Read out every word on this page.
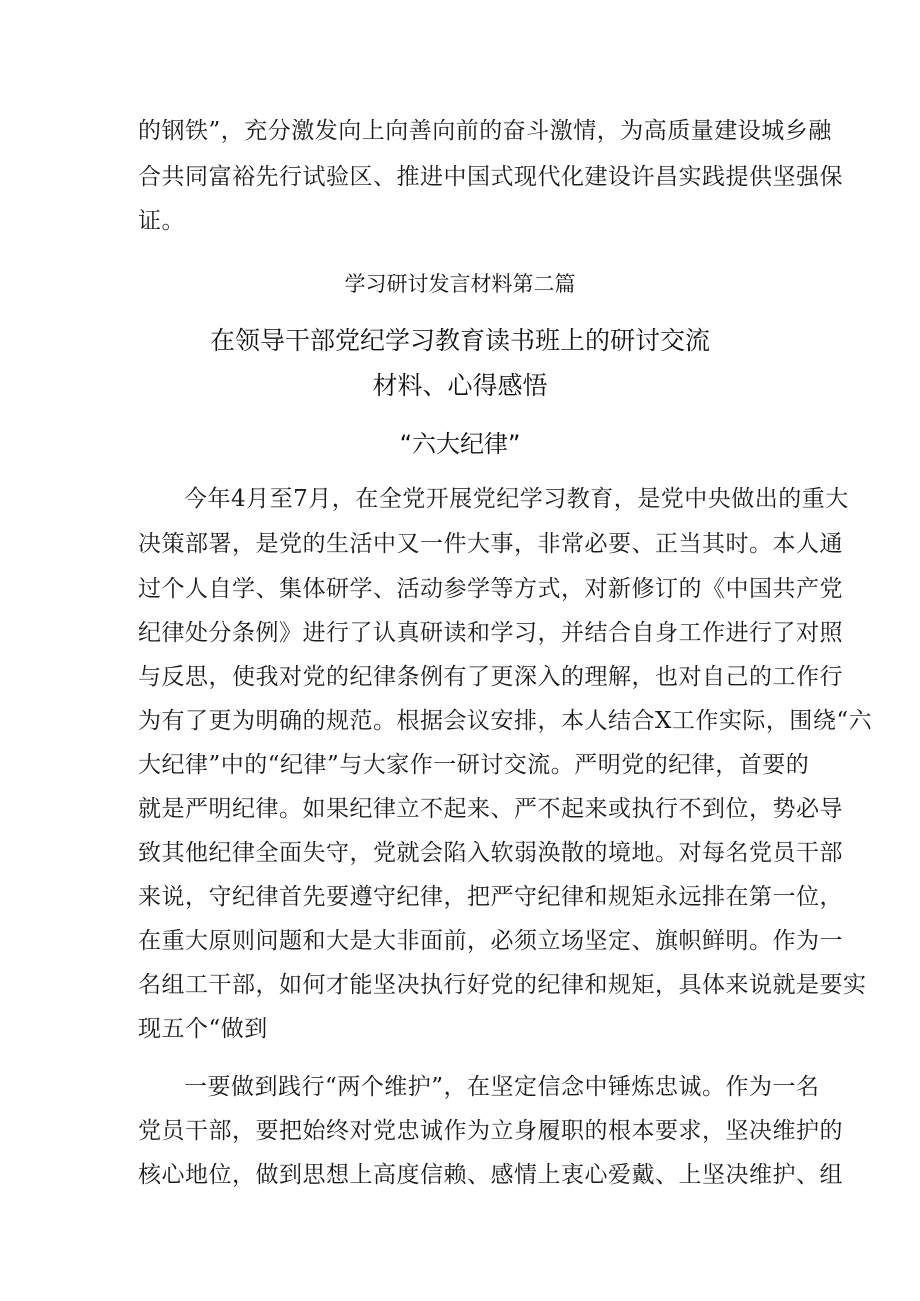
的钢铁”，充分激发向上向善向前的奋斗激情，为高质量建设城乡融
合共同富裕先行试验区、推进中国式现代化建设许昌实践提供坚强保
证。
学习研讨发言材料第二篇
在领导干部党纪学习教育读书班上的研讨交流
材料、心得感悟
“六大纪律”
今年4月至7月，在全党开展党纪学习教育，是党中央做出的重大
决策部署，是党的生活中又一件大事，非常必要、正当其时。本人通
过个人自学、集体研学、活动参学等方式，对新修订的《中国共产党
纪律处分条例》进行了认真研读和学习，并结合自身工作进行了对照
与反思，使我对党的纪律条例有了更深入的理解，也对自己的工作行
为有了更为明确的规范。根据会议安排，本人结合X工作实际，围绕“六
大纪律”中的“纪律”与大家作一研讨交流。严明党的纪律，首要的
就是严明纪律。如果纪律立不起来、严不起来或执行不到位，势必导
致其他纪律全面失守，党就会陷入软弱涣散的境地。对每名党员干部
来说，守纪律首先要遵守纪律，把严守纪律和规矩永远排在第一位，
在重大原则问题和大是大非面前，必须立场坚定、旗帜鲜明。作为一
名组工干部，如何才能坚决执行好党的纪律和规矩，具体来说就是要实
现五个“做到
一要做到践行“两个维护”，在坚定信念中锤炼忠诚。作为一名
党员干部，要把始终对党忠诚作为立身履职的根本要求，坚决维护的
核心地位，做到思想上高度信赖、感情上衷心爱戴、上坚决维护、组
